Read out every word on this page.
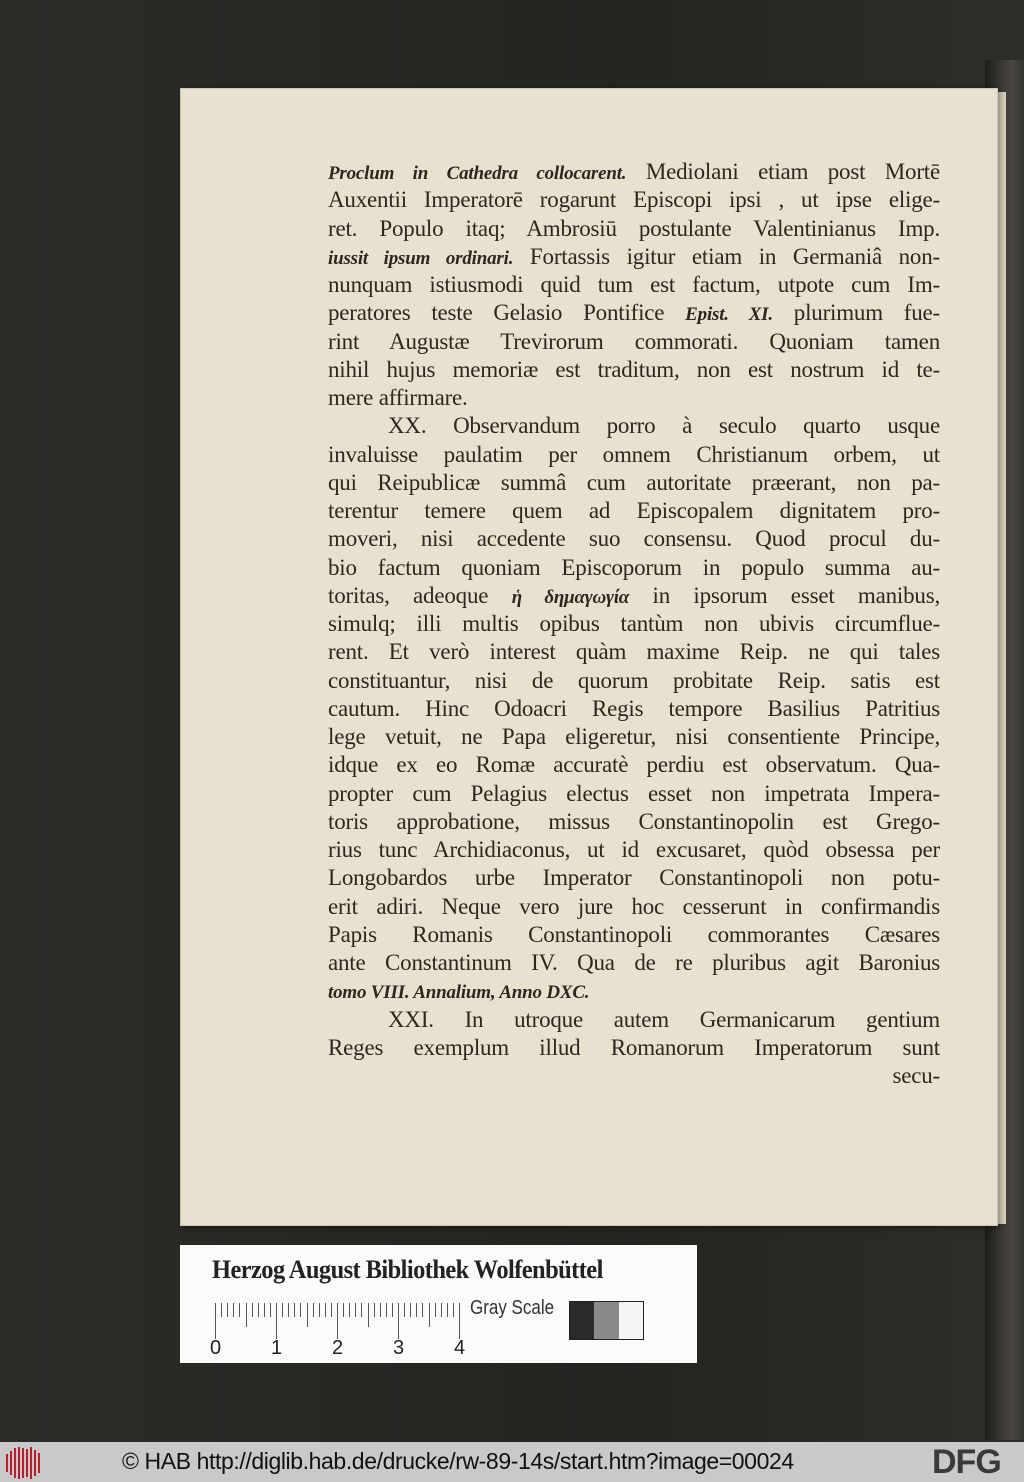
Proclum in Cathedra collocarent. Mediolani etiam post Mortē
Auxentii Imperatorē rogarunt Episcopi ipsi , ut ipse elige-
ret. Populo itaq; Ambrosiū postulante Valentinianus Imp.
iussit ipsum ordinari. Fortassis igitur etiam in Germaniâ non-
nunquam istiusmodi quid tum est factum, utpote cum Im-
peratores teste Gelasio Pontifice Epist. XI. plurimum fue-
rint Augustæ Trevirorum commorati. Quoniam tamen
nihil hujus memoriæ est traditum, non est nostrum id te-
mere affirmare.
XX. Observandum porro à seculo quarto usque
invaluisse paulatim per omnem Christianum orbem, ut
qui Reipublicæ summâ cum autoritate præerant, non pa-
terentur temere quem ad Episcopalem dignitatem pro-
moveri, nisi accedente suo consensu. Quod procul du-
bio factum quoniam Episcoporum in populo summa au-
toritas, adeoque ἡ δημαγωγία in ipsorum esset manibus,
simulq; illi multis opibus tantùm non ubivis circumflue-
rent. Et verò interest quàm maxime Reip. ne qui tales
constituantur, nisi de quorum probitate Reip. satis est
cautum. Hinc Odoacri Regis tempore Basilius Patritius
lege vetuit, ne Papa eligeretur, nisi consentiente Principe,
idque ex eo Romæ accuratè perdiu est observatum. Qua-
propter cum Pelagius electus esset non impetrata Impera-
toris approbatione, missus Constantinopolin est Grego-
rius tunc Archidiaconus, ut id excusaret, quòd obsessa per
Longobardos urbe Imperator Constantinopoli non potu-
erit adiri. Neque vero jure hoc cesserunt in confirmandis
Papis Romanis Constantinopoli commorantes Cæsares
ante Constantinum IV. Qua de re pluribus agit Baronius
tomo VIII. Annalium, Anno DXC.
XXI. In utroque autem Germanicarum gentium
Reges exemplum illud Romanorum Imperatorum sunt
secu-
Herzog August Bibliothek Wolfenbüttel
Gray Scale
0 1 2 3 4
© HAB http://diglib.hab.de/drucke/rw-89-14s/start.htm?image=00024	DFG
